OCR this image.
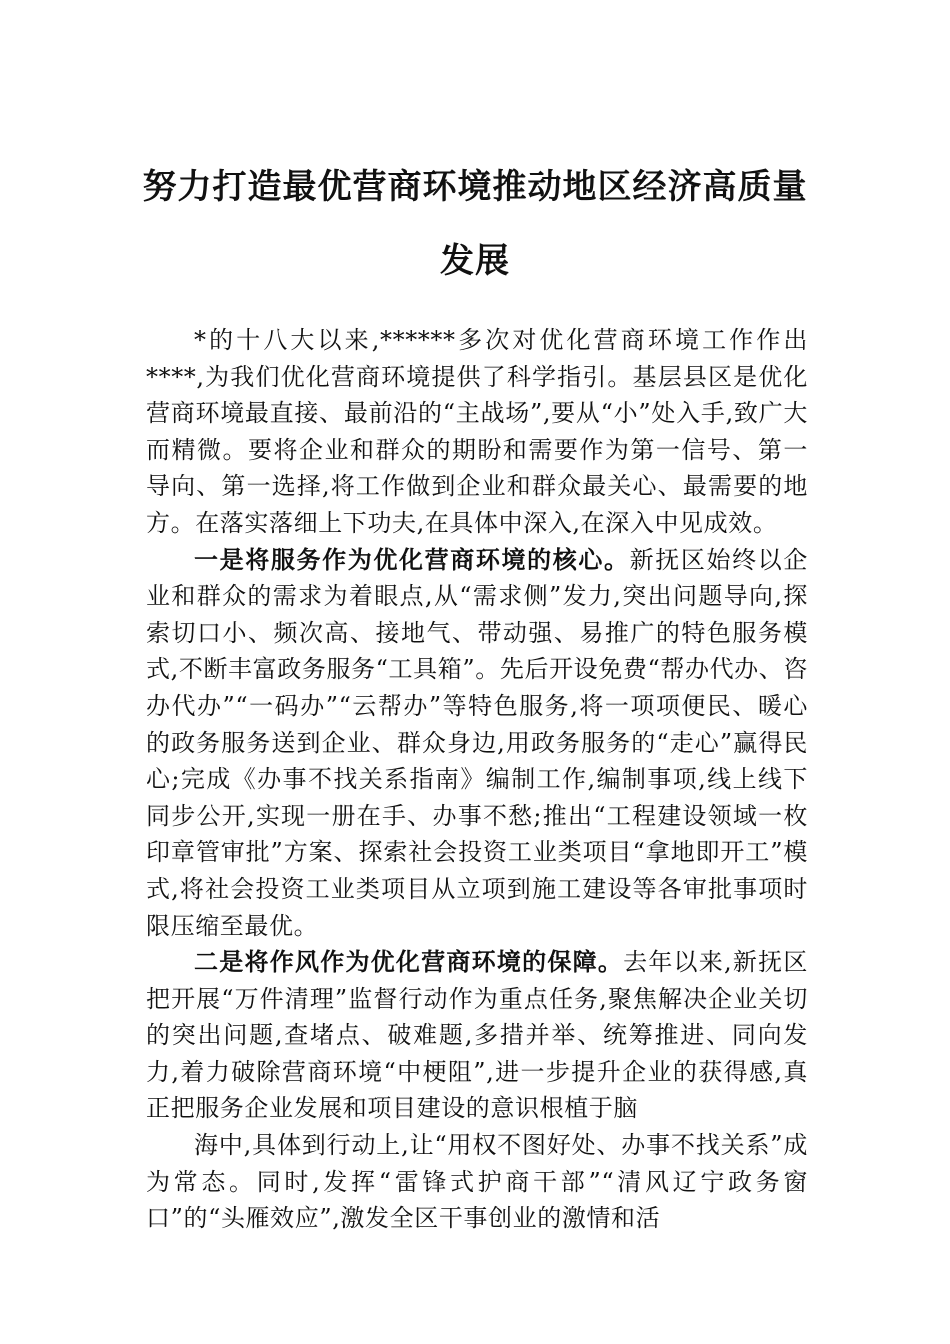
努力打造最优营商环境推动地区经济高质量发展

*的十八大以来,******多次对优化营商环境工作作出****,为我们优化营商环境提供了科学指引。基层县区是优化营商环境最直接、最前沿的“主战场”,要从“小”处入手,致广大而精微。要将企业和群众的期盼和需要作为第一信号、第一导向、第一选择,将工作做到企业和群众最关心、最需要的地方。在落实落细上下功夫,在具体中深入,在深入中见成效。

一是将服务作为优化营商环境的核心。新抚区始终以企业和群众的需求为着眼点,从“需求侧”发力,突出问题导向,探索切口小、频次高、接地气、带动强、易推广的特色服务模式,不断丰富政务服务“工具箱”。先后开设免费“帮办代办、咨办代办”“一码办”“云帮办”等特色服务,将一项项便民、暖心的政务服务送到企业、群众身边,用政务服务的“走心”赢得民心;完成《办事不找关系指南》编制工作,编制事项,线上线下同步公开,实现一册在手、办事不愁;推出“工程建设领域一枚印章管审批”方案、探索社会投资工业类项目“拿地即开工”模式,将社会投资工业类项目从立项到施工建设等各审批事项时限压缩至最优。

二是将作风作为优化营商环境的保障。去年以来,新抚区把开展“万件清理”监督行动作为重点任务,聚焦解决企业关切的突出问题,查堵点、破难题,多措并举、统筹推进、同向发力,着力破除营商环境“中梗阻”,进一步提升企业的获得感,真正把服务企业发展和项目建设的意识根植于脑

海中,具体到行动上,让“用权不图好处、办事不找关系”成为常态。同时,发挥“雷锋式护商干部”“清风辽宁政务窗口”的“头雁效应”,激发全区干事创业的激情和活
